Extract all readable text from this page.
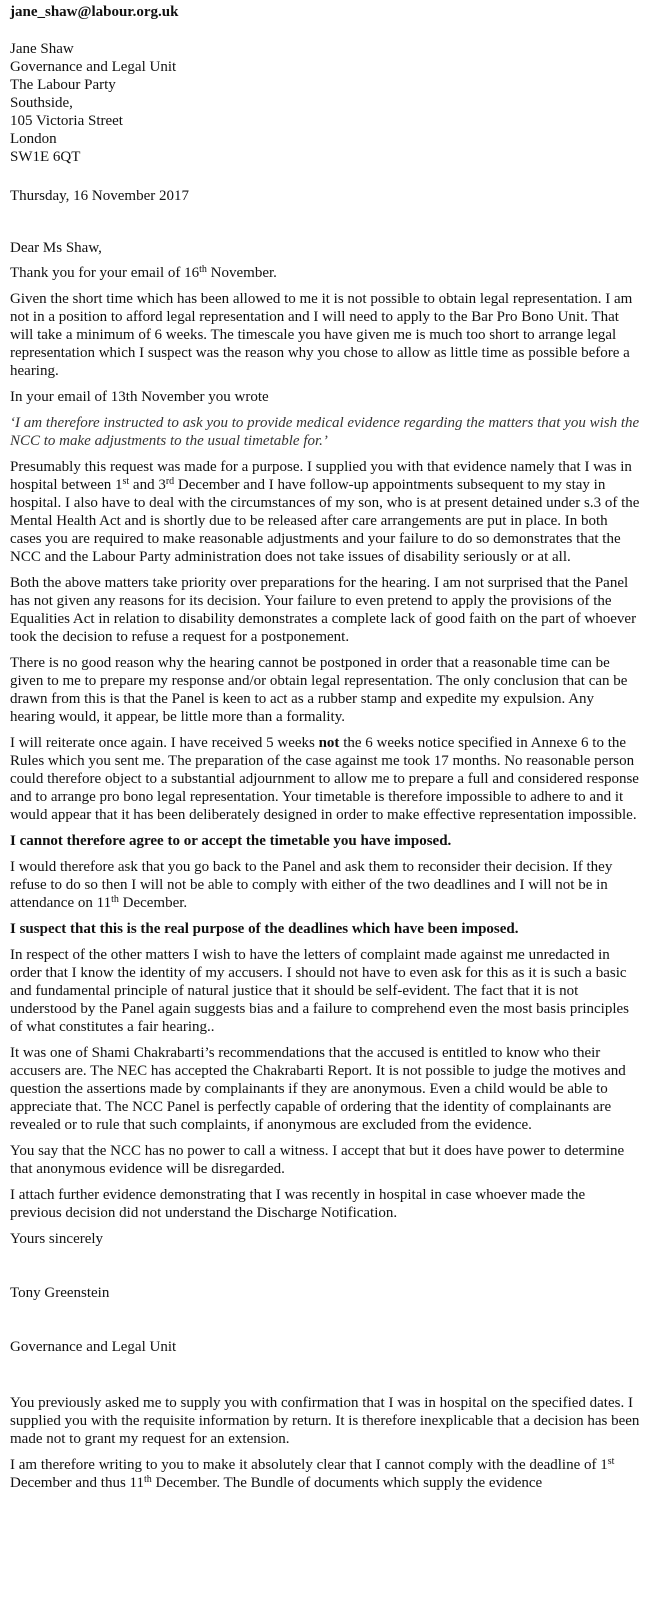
jane_shaw@labour.org.uk
Jane Shaw
Governance and Legal Unit
The Labour Party
Southside,
105 Victoria Street
London
SW1E 6QT
Thursday, 16 November 2017

Dear Ms Shaw,

Thank you for your email of 16th November.

Given the short time which has been allowed to me it is not possible to obtain legal representation. I am not in a position to afford legal representation and I will need to apply to the Bar Pro Bono Unit. That will take a minimum of 6 weeks. The timescale you have given me is much too short to arrange legal representation which I suspect was the reason why you chose to allow as little time as possible before a hearing.

In your email of 13th November you wrote

‘I am therefore instructed to ask you to provide medical evidence regarding the matters that you wish the NCC to make adjustments to the usual timetable for.’

Presumably this request was made for a purpose. I supplied you with that evidence namely that I was in hospital between 1st and 3rd December and I have follow-up appointments subsequent to my stay in hospital. I also have to deal with the circumstances of my son, who is at present detained under s.3 of the Mental Health Act and is shortly due to be released after care arrangements are put in place. In both cases you are required to make reasonable adjustments and your failure to do so demonstrates that the NCC and the Labour Party administration does not take issues of disability seriously or at all.

Both the above matters take priority over preparations for the hearing. I am not surprised that the Panel has not given any reasons for its decision. Your failure to even pretend to apply the provisions of the Equalities Act in relation to disability demonstrates a complete lack of good faith on the part of whoever took the decision to refuse a request for a postponement.

There is no good reason why the hearing cannot be postponed in order that a reasonable time can be given to me to prepare my response and/or obtain legal representation. The only conclusion that can be drawn from this is that the Panel is keen to act as a rubber stamp and expedite my expulsion. Any hearing would, it appear, be little more than a formality.

I will reiterate once again. I have received 5 weeks not the 6 weeks notice specified in Annexe 6 to the Rules which you sent me. The preparation of the case against me took 17 months. No reasonable person could therefore object to a substantial adjournment to allow me to prepare a full and considered response and to arrange pro bono legal representation. Your timetable is therefore impossible to adhere to and it would appear that it has been deliberately designed in order to make effective representation impossible.

I cannot therefore agree to or accept the timetable you have imposed.

I would therefore ask that you go back to the Panel and ask them to reconsider their decision. If they refuse to do so then I will not be able to comply with either of the two deadlines and I will not be in attendance on 11th December.

I suspect that this is the real purpose of the deadlines which have been imposed.

In respect of the other matters I wish to have the letters of complaint made against me unredacted in order that I know the identity of my accusers. I should not have to even ask for this as it is such a basic and fundamental principle of natural justice that it should be self-evident. The fact that it is not understood by the Panel again suggests bias and a failure to comprehend even the most basis principles of what constitutes a fair hearing..

It was one of Shami Chakrabarti’s recommendations that the accused is entitled to know who their accusers are. The NEC has accepted the Chakrabarti Report. It is not possible to judge the motives and question the assertions made by complainants if they are anonymous. Even a child would be able to appreciate that. The NCC Panel is perfectly capable of ordering that the identity of complainants are revealed or to rule that such complaints, if anonymous are excluded from the evidence.

You say that the NCC has no power to call a witness. I accept that but it does have power to determine that anonymous evidence will be disregarded.

I attach further evidence demonstrating that I was recently in hospital in case whoever made the previous decision did not understand the Discharge Notification.

Yours sincerely

Tony Greenstein

Governance and Legal Unit

You previously asked me to supply you with confirmation that I was in hospital on the specified dates. I supplied you with the requisite information by return. It is therefore inexplicable that a decision has been made not to grant my request for an extension.

I am therefore writing to you to make it absolutely clear that I cannot comply with the deadline of 1st December and thus 11th December. The Bundle of documents which supply the evidence
